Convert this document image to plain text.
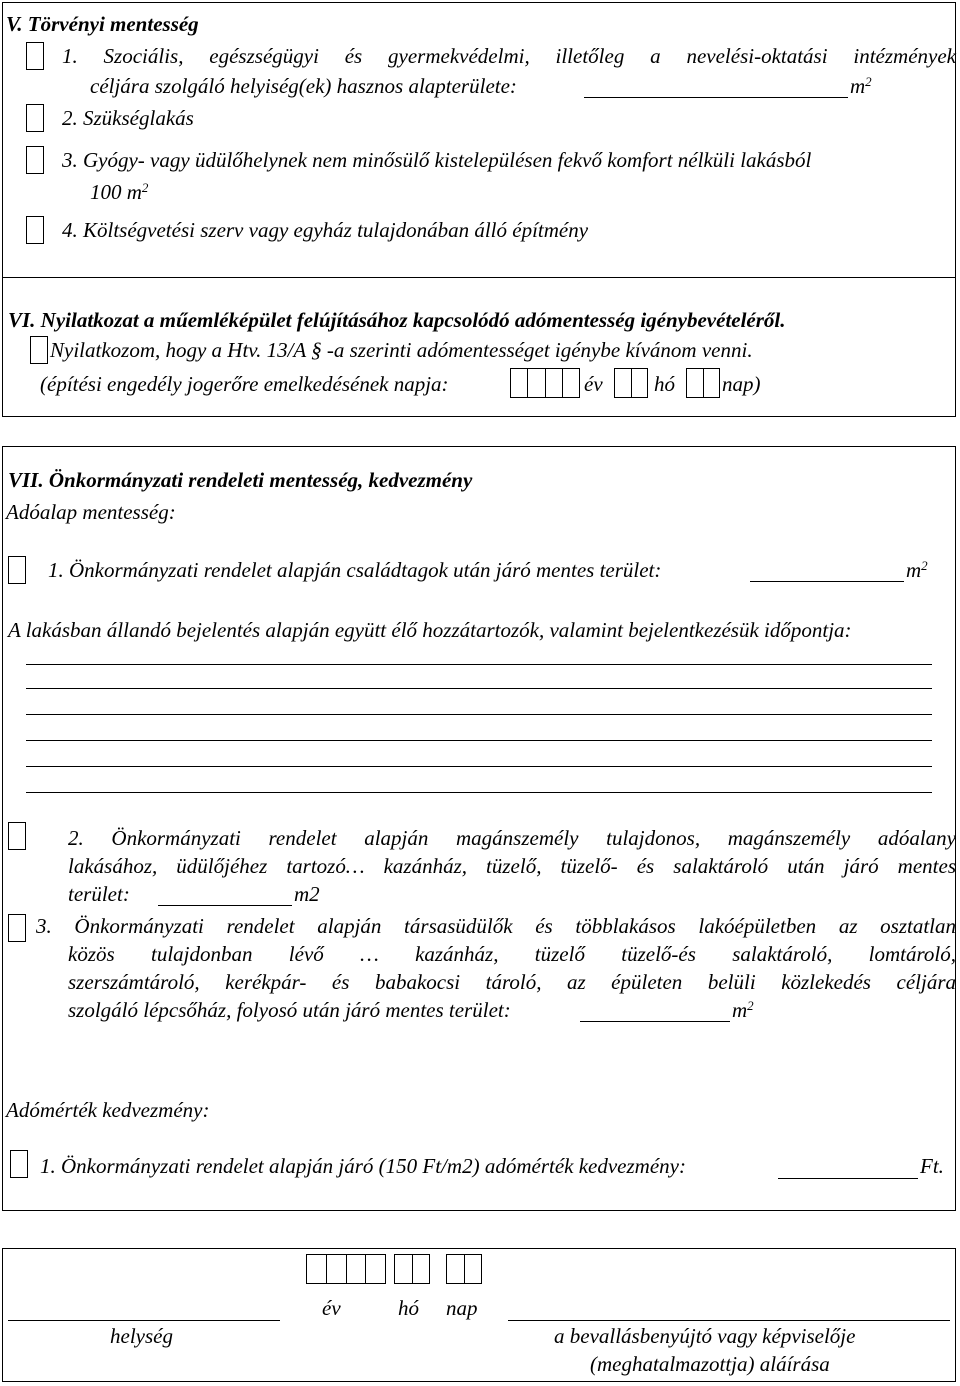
V. Törvényi mentesség
1. Szociális, egészségügyi és gyermekvédelmi, illetőleg a nevelési-oktatási intézmények
céljára szolgáló helyiség(ek) hasznos alapterülete:	$m^2$
2. Szükséglakás
3. Gyógy- vagy üdülőhelynek nem minősülő kistelepülésen fekvő komfort nélküli lakásból
100 $m^2$
4. Költségvetési szerv vagy egyház tulajdonában álló építmény
VI. Nyilatkozat a műemléképület felújításához kapcsolódó adómentesség igénybevételéről.
Nyilatkozom, hogy a Htv. 13/A § -a szerinti adómentességet igénybe kívánom venni.
(építési engedély jogerőre emelkedésének napja:	év hó nap)
VII. Önkormányzati rendeleti mentesség, kedvezmény
Adóalap mentesség:
1. Önkormányzati rendelet alapján családtagok után járó mentes terület:	$m^2$
A lakásban állandó bejelentés alapján együtt élő hozzátartozók, valamint bejelentkezésük időpontja:
2. Önkormányzati rendelet alapján magánszemély tulajdonos, magánszemély adóalany
lakásához, üdülőjéhez tartozó… kazánház, tüzelő, tüzelő- és salaktároló után járó mentes
terület:	m2
3. Önkormányzati rendelet alapján társasüdülők és többlakásos lakóépületben az osztatlan
közös tulajdonban lévő … kazánház, tüzelő tüzelő-és salaktároló, lomtároló,
szerszámtároló, kerékpár- és babakocsi tároló, az épületen belüli közlekedés céljára
szolgáló lépcsőház, folyosó után járó mentes terület:	$m^2$
Adómérték kedvezmény:
1. Önkormányzati rendelet alapján járó (150 Ft/m2) adómérték kedvezmény:	Ft.
év	hó nap
helység	a bevallásbenyújtó vagy képviselője
(meghatalmazottja) aláírása
